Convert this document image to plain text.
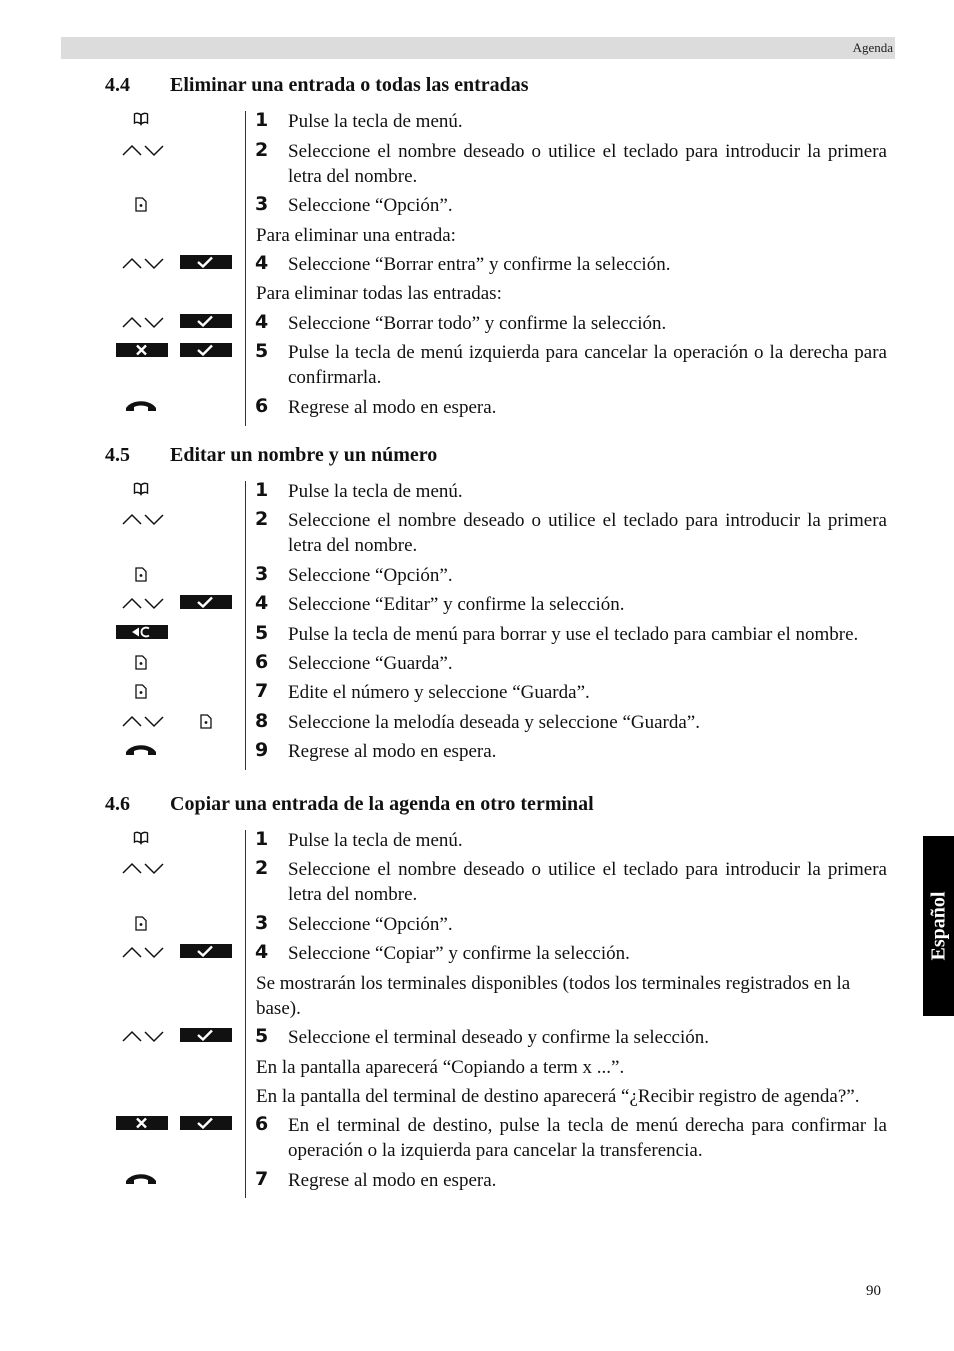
Agenda
4.4 Eliminar una entrada o todas las entradas
1 Pulse la tecla de menú.
2 Seleccione el nombre deseado o utilice el teclado para introducir la primera letra del nombre.
3 Seleccione “Opción”.
Para eliminar una entrada:
4 Seleccione “Borrar entra” y confirme la selección.
Para eliminar todas las entradas:
4 Seleccione “Borrar todo” y confirme la selección.
5 Pulse la tecla de menú izquierda para cancelar la operación o la derecha para confirmarla.
6 Regrese al modo en espera.
4.5 Editar un nombre y un número
1 Pulse la tecla de menú.
2 Seleccione el nombre deseado o utilice el teclado para introducir la primera letra del nombre.
3 Seleccione “Opción”.
4 Seleccione “Editar” y confirme la selección.
5 Pulse la tecla de menú para borrar y use el teclado para cambiar el nombre.
6 Seleccione “Guarda”.
7 Edite el número y seleccione “Guarda”.
8 Seleccione la melodía deseada y seleccione “Guarda”.
9 Regrese al modo en espera.
4.6 Copiar una entrada de la agenda en otro terminal
1 Pulse la tecla de menú.
2 Seleccione el nombre deseado o utilice el teclado para introducir la primera letra del nombre.
3 Seleccione “Opción”.
4 Seleccione “Copiar” y confirme la selección.
Se mostrarán los terminales disponibles (todos los terminales registrados en la base).
5 Seleccione el terminal deseado y confirme la selección.
En la pantalla aparecerá “Copiando a term x ...”.
En la pantalla del terminal de destino aparecerá “¿Recibir registro de agenda?”.
6 En el terminal de destino, pulse la tecla de menú derecha para confirmar la operación o la izquierda para cancelar la transferencia.
7 Regrese al modo en espera.
Español
90
